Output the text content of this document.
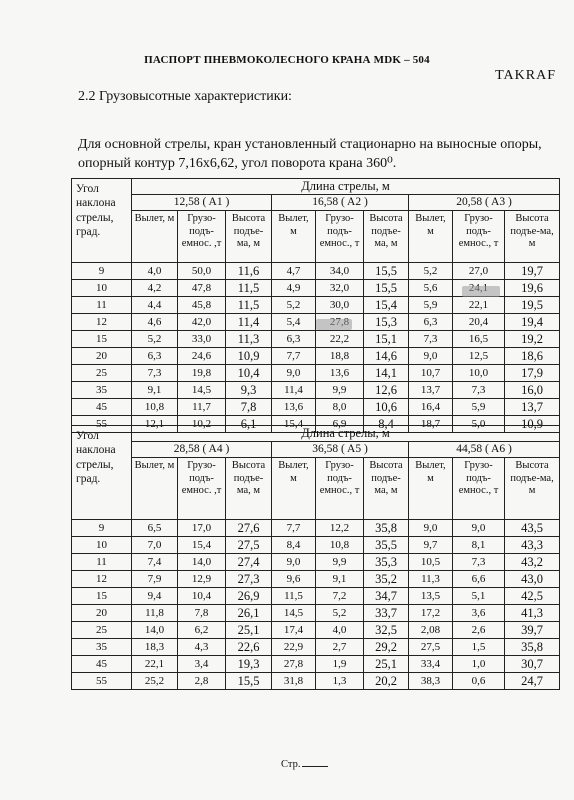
ПАСПОРТ ПНЕВМОКОЛЕСНОГО КРАНА MDK – 504
TAKRAF
2.2 Грузовысотные характеристики:
Для основной стрелы, кран установленный стационарно на выносные опоры,
опорный контур 7,16х6,62, угол поворота крана 360⁰.
Угол наклона стрелы, град.	Длина стрелы, м								
	12,58 ( A1 )			16,58 ( A2 )			20,58 ( A3 )		
	Вылет, м	Грузо-подъ-емнос. ,т	Высота подъе-ма, м	Вылет, м	Грузо-подъ-емнос., т	Высота подъе-ма, м	Вылет, м	Грузо-подъ-емнос., т	Высота подъе-ма, м
9	4,0	50,0	11,6	4,7	34,0	15,5	5,2	27,0	19,7
10	4,2	47,8	11,5	4,9	32,0	15,5	5,6		19,6
11	4,4	45,8	11,5	5,2	30,0	15,4	5,9	22,1	19,5
12	4,6	42,0	11,4	5,4		15,3	6,3	20,4	19,4
15	5,2	33,0	11,3	6,3	22,2	15,1	7,3	16,5	19,2
20	6,3	24,6	10,9	7,7	18,8	14,6	9,0	12,5	18,6
25	7,3	19,8	10,4	9,0	13,6	14,1	10,7	10,0	17,9
35	9,1	14,5	9,3	11,4	9,9	12,6	13,7	7,3	16,0
45	10,8	11,7	7,8	13,6	8,0	10,6	16,4	5,9	13,7
55	12,1	10,2	6,1	15,4	6,9	8,4	18,7	5,0	10,9
Угол наклона стрелы, град.	Длина стрелы, м								
	28,58 ( A4 )			36,58 ( A5 )			44,58 ( A6 )		
	Вылет, м	Грузо-подъ-емнос. ,т	Высота подъе-ма, м	Вылет, м	Грузо-подъ-емнос., т	Высота подъе-ма, м	Вылет, м	Грузо-подъ-емнос., т	Высота подъе-ма, м
9	6,5	17,0	27,6	7,7	12,2	35,8	9,0	9,0	43,5
10	7,0	15,4	27,5	8,4	10,8	35,5	9,7	8,1	43,3
11	7,4	14,0	27,4	9,0	9,9	35,3	10,5	7,3	43,2
12	7,9	12,9	27,3	9,6	9,1	35,2	11,3	6,6	43,0
15	9,4	10,4	26,9	11,5	7,2	34,7	13,5	5,1	42,5
20	11,8	7,8	26,1	14,5	5,2	33,7	17,2	3,6	41,3
25	14,0	6,2	25,1	17,4	4,0	32,5	2,08	2,6	39,7
35	18,3	4,3	22,6	22,9	2,7	29,2	27,5	1,5	35,8
45	22,1	3,4	19,3	27,8	1,9	25,1	33,4	1,0	30,7
55	25,2	2,8	15,5	31,8	1,3	20,2	38,3	0,6	24,7
Стр.
